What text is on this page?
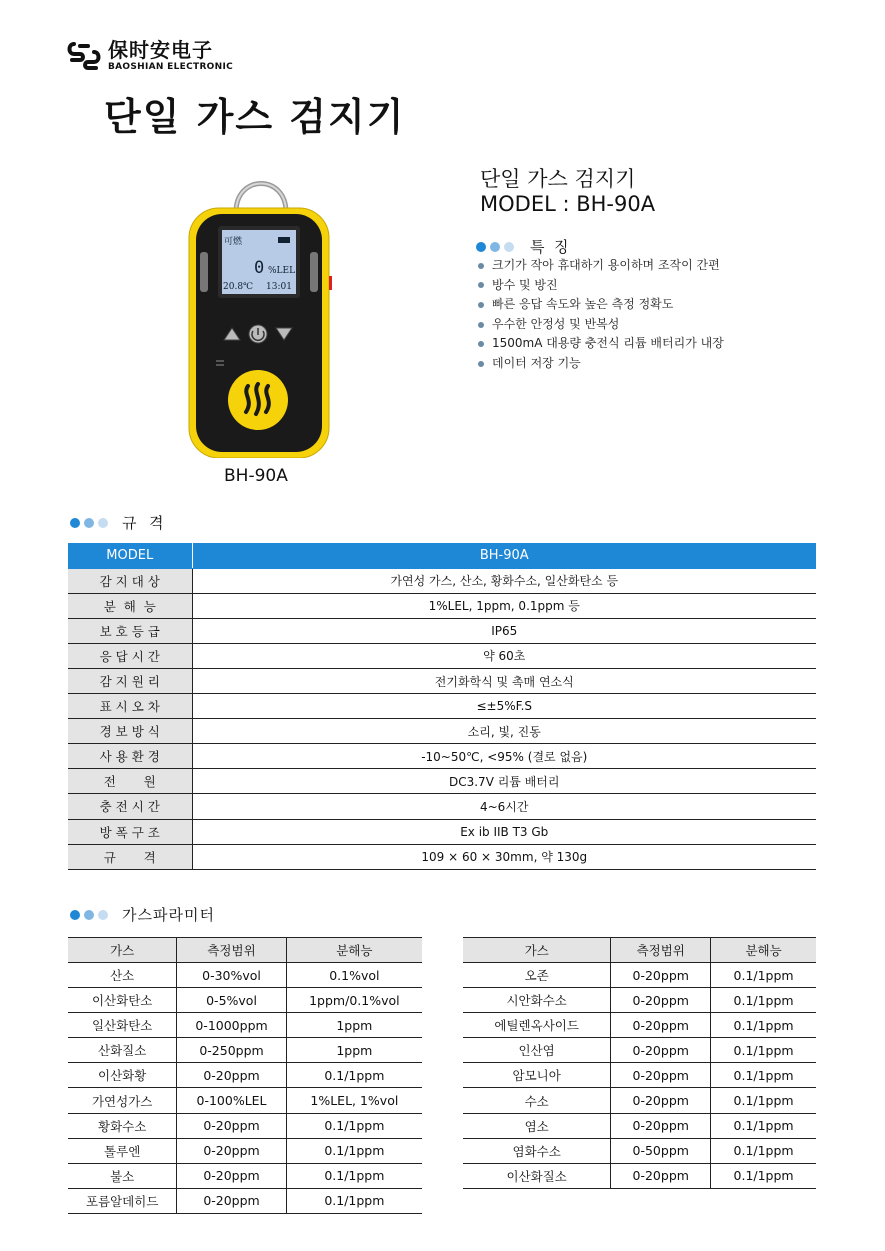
保时安电子
BAOSHIAN ELECTRONIC
단일 가스 검지기
可燃
0 %LEL
20.8℃ 13:01
BH-90A
단일 가스 검지기
MODEL : BH-90A
특  징
크기가 작아 휴대하기 용이하며 조작이 간편
방수 및 방진
빠른 응답 속도와 높은 측정 정확도
우수한 안정성 및 반복성
1500mA 대용량 충전식 리튬 배터리가 내장
데이터 저장 기능
규  격
MODEL	BH-90A
감 지 대 상	가연성 가스, 산소, 황화수소, 일산화탄소 등
분  해  능	1%LEL, 1ppm, 0.1ppm 등
보 호 등 급	IP65
응 답 시 간	약 60초
감 지 원 리	전기화학식 및 촉매 연소식
표 시 오 차	≤±5%F.S
경 보 방 식	소리, 빛, 진동
사 용 환 경	-10~50℃, <95% (결로 없음)
전       원	DC3.7V 리튬 배터리
충 전 시 간	4~6시간
방 폭 구 조	Ex ib IIB T3 Gb
규       격	109 × 60 × 30mm, 약 130g
가스파라미터
가스	측정범위	분해능
산소	0-30%vol	0.1%vol
이산화탄소	0-5%vol	1ppm/0.1%vol
일산화탄소	0-1000ppm	1ppm
산화질소	0-250ppm	1ppm
이산화황	0-20ppm	0.1/1ppm
가연성가스	0-100%LEL	1%LEL, 1%vol
황화수소	0-20ppm	0.1/1ppm
톨루엔	0-20ppm	0.1/1ppm
불소	0-20ppm	0.1/1ppm
포름알데히드	0-20ppm	0.1/1ppm
가스	측정범위	분해능
오존	0-20ppm	0.1/1ppm
시안화수소	0-20ppm	0.1/1ppm
에틸렌옥사이드	0-20ppm	0.1/1ppm
인산염	0-20ppm	0.1/1ppm
암모니아	0-20ppm	0.1/1ppm
수소	0-20ppm	0.1/1ppm
염소	0-20ppm	0.1/1ppm
염화수소	0-50ppm	0.1/1ppm
이산화질소	0-20ppm	0.1/1ppm
